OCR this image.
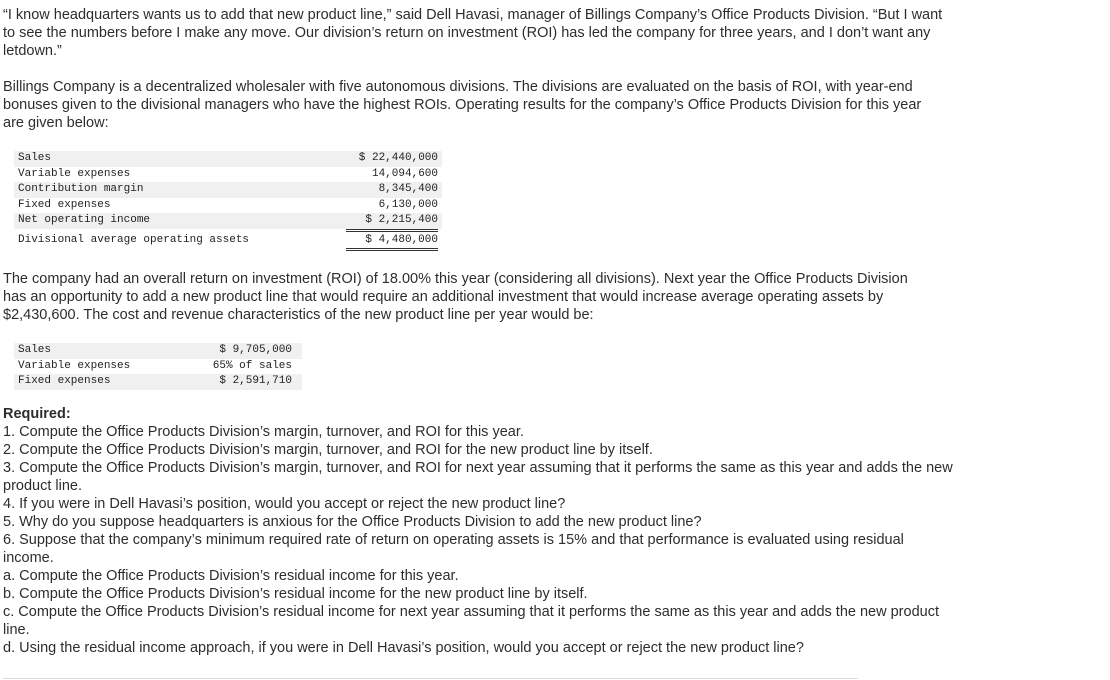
“I know headquarters wants us to add that new product line,” said Dell Havasi, manager of Billings Company’s Office Products Division. “But I want to see the numbers before I make any move. Our division’s return on investment (ROI) has led the company for three years, and I don’t want any letdown.”

Billings Company is a decentralized wholesaler with five autonomous divisions. The divisions are evaluated on the basis of ROI, with year-end bonuses given to the divisional managers who have the highest ROIs. Operating results for the company’s Office Products Division for this year are given below:

Sales	$ 22,440,000
Variable expenses	14,094,600
Contribution margin	8,345,400
Fixed expenses	6,130,000
Net operating income	$ 2,215,400
Divisional average operating assets	$ 4,480,000

The company had an overall return on investment (ROI) of 18.00% this year (considering all divisions). Next year the Office Products Division has an opportunity to add a new product line that would require an additional investment that would increase average operating assets by $2,430,600. The cost and revenue characteristics of the new product line per year would be:

Sales	$ 9,705,000
Variable expenses	65% of sales
Fixed expenses	$ 2,591,710

Required:

1. Compute the Office Products Division’s margin, turnover, and ROI for this year.

2. Compute the Office Products Division’s margin, turnover, and ROI for the new product line by itself.

3. Compute the Office Products Division’s margin, turnover, and ROI for next year assuming that it performs the same as this year and adds the new product line.

4. If you were in Dell Havasi’s position, would you accept or reject the new product line?

5. Why do you suppose headquarters is anxious for the Office Products Division to add the new product line?

6. Suppose that the company’s minimum required rate of return on operating assets is 15% and that performance is evaluated using residual income.

a. Compute the Office Products Division’s residual income for this year.

b. Compute the Office Products Division’s residual income for the new product line by itself.

c. Compute the Office Products Division’s residual income for next year assuming that it performs the same as this year and adds the new product line.

d. Using the residual income approach, if you were in Dell Havasi’s position, would you accept or reject the new product line?
